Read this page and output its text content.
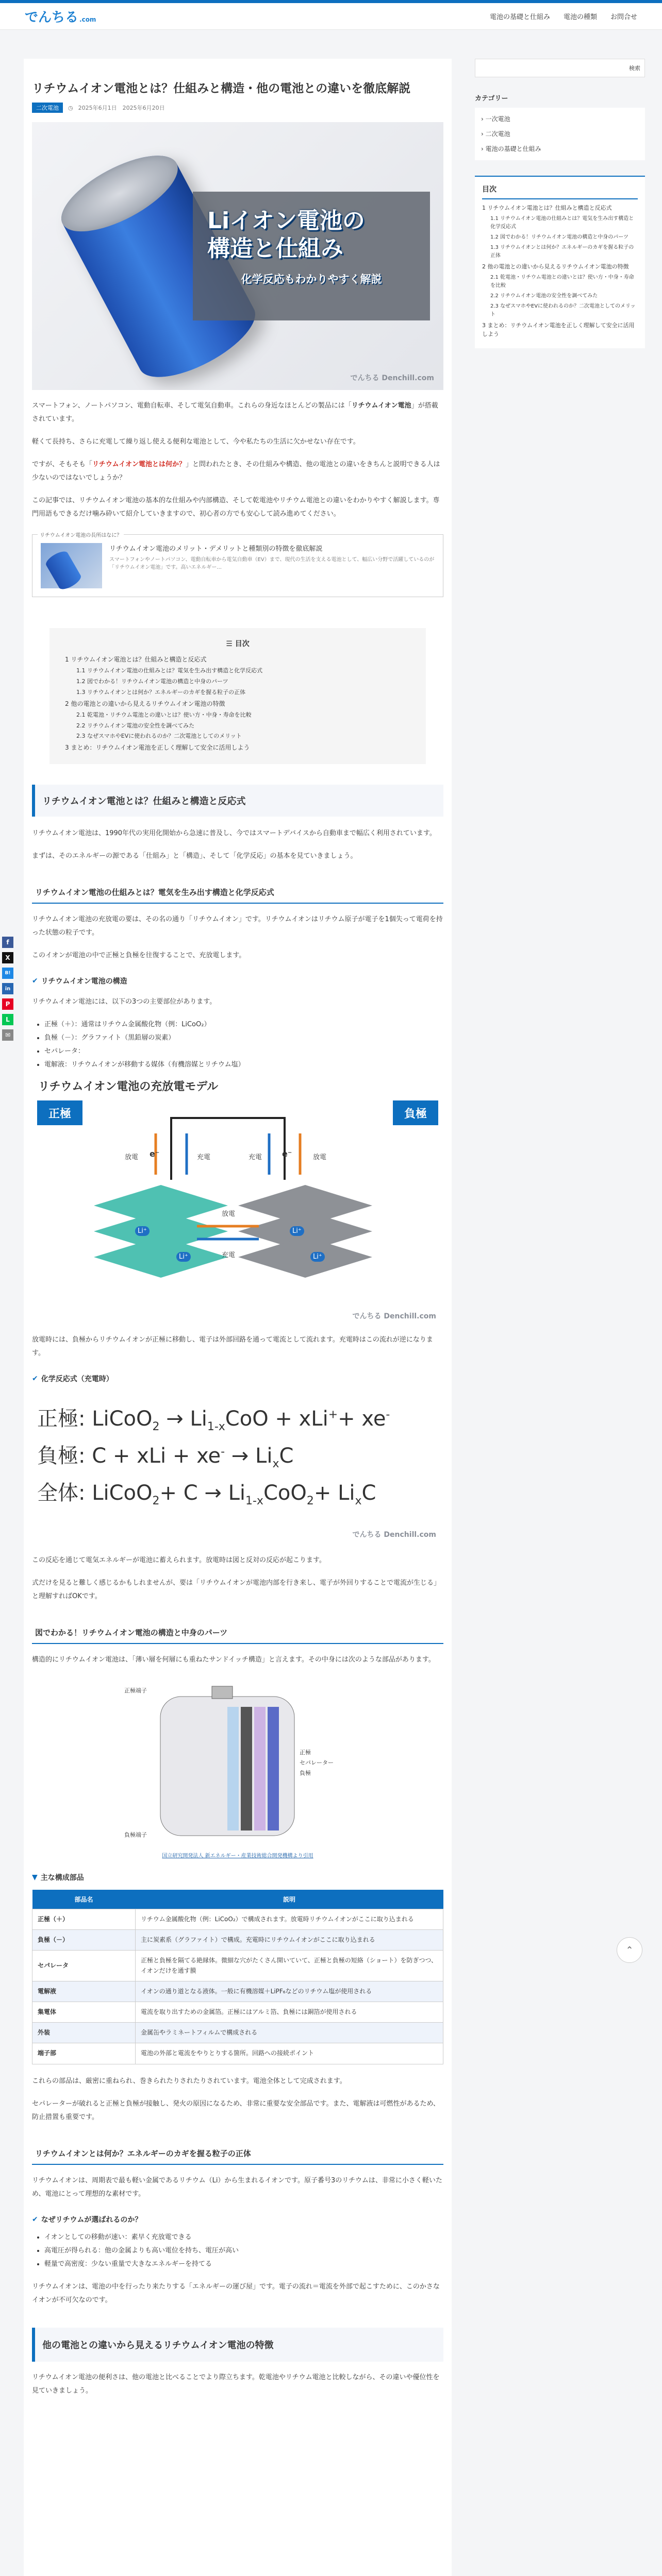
でんちる .com	電池の基礎と仕組み 電池の種類 お問合せ
f
X
B!
in
P
L
✉
リチウムイオン電池とは？仕組みと構造・他の電池との違いを徹底解説
二次電池	◷ 2025年6月1日　2025年6月20日
Liイオン電池の
構造と仕組み
化学反応もわかりやすく解説
でんちる Denchill.com

スマートフォン、ノートパソコン、電動自転車、そして電気自動車。これらの身近なほとんどの製品には「リチウムイオン電池」が搭載されています。

軽くて長持ち、さらに充電して繰り返し使える便利な電池として、今や私たちの生活に欠かせない存在です。

ですが、そもそも「リチウムイオン電池とは何か？」と問われたとき、その仕組みや構造、他の電池との違いをきちんと説明できる人は少ないのではないでしょうか？

この記事では、リチウムイオン電池の基本的な仕組みや内部構造、そして乾電池やリチウム電池との違いをわかりやすく解説します。専門用語もできるだけ噛み砕いて紹介していきますので、初心者の方でも安心して読み進めてください。

リチウムイオン電池の長所はなに？
リチウムイオン電池のメリット・デメリットと種類別の特徴を徹底解説
スマートフォンやノートパソコン、電動自転車から電気自動車（EV）まで、現代の生活を支える電池として、幅広い分野で活躍しているのが「リチウムイオン電池」です。高いエネルギー...
☰ 目次
1 リチウムイオン電池とは？仕組みと構造と反応式
1.1 リチウムイオン電池の仕組みとは？電気を生み出す構造と化学反応式
1.2 図でわかる！リチウムイオン電池の構造と中身のパーツ
1.3 リチウムイオンとは何か？エネルギーのカギを握る粒子の正体
2 他の電池との違いから見えるリチウムイオン電池の特徴
2.1 乾電池・リチウム電池との違いとは？使い方・中身・寿命を比較
2.2 リチウムイオン電池の安全性を調べてみた
2.3 なぜスマホやEVに使われるのか？二次電池としてのメリット
3 まとめ：リチウムイオン電池を正しく理解して安全に活用しよう
リチウムイオン電池とは？仕組みと構造と反応式

リチウムイオン電池は、1990年代の実用化開始から急速に普及し、今ではスマートデバイスから自動車まで幅広く利用されています。

まずは、そのエネルギーの源である「仕組み」と「構造」、そして「化学反応」の基本を見ていきましょう。

リチウムイオン電池の仕組みとは？電気を生み出す構造と化学反応式

リチウムイオン電池の充放電の要は、その名の通り「リチウムイオン」です。リチウムイオンはリチウム原子が電子を1個失って電荷を持った状態の粒子です。

このイオンが電池の中で正極と負極を往復することで、充放電します。

✔ リチウムイオン電池の構造

リチウムイオン電池には、以下の3つの主要部位があります。

• 正極（＋）：通常はリチウム金属酸化物（例：LiCoO₂）
• 負極（－）：グラファイト（黒鉛層の炭素）
• セパレータ：
• 電解液：リチウムイオンが移動する媒体（有機溶媒とリチウム塩）
リチウムイオン電池の充放電モデル
正極	負極
放電 e⁻	充電	充電 e⁻	放電
放電
充電
Li⁺
Li⁺
Li⁺
Li⁺
でんちる Denchill.com

放電時には、負極からリチウムイオンが正極に移動し、電子は外部回路を通って電流として流れます。充電時はこの流れが逆になります。

✔ 化学反応式（充電時）
正極: LiCoO$_2$ → $Li_{1-x}CoO + xLi^++ xe^-$
負極: C + xLi + $xe^- \to Li_xC$
全体: LiCoO$_2$+ $C \to Li_{1-x}CoO_2+ Li_xC$
でんちる Denchill.com

この反応を通じて電気エネルギーが電池に蓄えられます。放電時は図と反対の反応が起こります。

式だけを見ると難しく感じるかもしれませんが、要は「リチウムイオンが電池内部を行き来し、電子が外回りすることで電流が生じる」と理解すればOKです。

図でわかる！リチウムイオン電池の構造と中身のパーツ

構造的にリチウムイオン電池は、「薄い層を何層にも重ねたサンドイッチ構造」と言えます。その中身には次のような部品があります。

正極端子
負極端子
正極
セパレーター
負極
国立研究開発法人 新エネルギー・産業技術総合開発機構より引用
▼ 主な構成部品
部品名	説明
正極（＋）	リチウム金属酸化物（例：LiCoO₂）で構成されます。放電時リチウムイオンがここに取り込まれる
負極（－）	主に炭素系（グラファイト）で構成。充電時にリチウムイオンがここに取り込まれる
セパレータ	正極と負極を隔てる絶縁体。微細な穴がたくさん開いていて、正極と負極の短絡（ショート）を防ぎつつ、イオンだけを通す膜
電解液	イオンの通り道となる液体。一般に有機溶媒＋LiPF₆などのリチウム塩が使用される
集電体	電流を取り出すための金属箔。正極にはアルミ箔、負極には銅箔が使用される
外装	金属缶やラミネートフィルムで構成される
端子部	電池の外部と電流をやりとりする箇所。回路への接続ポイント

これらの部品は、厳密に重ねられ、巻きられたりされたりされています。電池全体として完成されます。

セパレーターが破れると正極と負極が接触し、発火の原因になるため、非常に重要な安全部品です。また、電解液は可燃性があるため、防止措置も重要です。

リチウムイオンとは何か？エネルギーのカギを握る粒子の正体

リチウムイオンは、周期表で最も軽い金属であるリチウム（Li）から生まれるイオンです。原子番号3のリチウムは、非常に小さく軽いため、電池にとって理想的な素材です。

✔ なぜリチウムが選ばれるのか？
• イオンとしての移動が速い：素早く充放電できる
• 高電圧が得られる：他の金属よりも高い電位を持ち、電圧が高い
• 軽量で高密度：少ない重量で大きなエネルギーを持てる

リチウムイオンは、電池の中を行ったり来たりする「エネルギーの運び屋」です。電子の流れ＝電流を外部で起こすために、このかさなイオンが不可欠なのです。

他の電池との違いから見えるリチウムイオン電池の特徴

リチウムイオン電池の便利さは、他の電池と比べることでより際立ちます。乾電池やリチウム電池と比較しながら、その違いや優位性を見ていきましょう。

検索
カテゴリー
› 一次電池
› 二次電池
› 電池の基礎と仕組み
目次
1 リチウムイオン電池とは？仕組みと構造と反応式
1.1 リチウムイオン電池の仕組みとは？電気を生み出す構造と化学反応式
1.2 図でわかる！リチウムイオン電池の構造と中身のパーツ
1.3 リチウムイオンとは何か？エネルギーのカギを握る粒子の正体
2 他の電池との違いから見えるリチウムイオン電池の特徴
2.1 乾電池・リチウム電池との違いとは？使い方・中身・寿命を比較
2.2 リチウムイオン電池の安全性を調べてみた
2.3 なぜスマホやEVに使われるのか？二次電池としてのメリット
3 まとめ：リチウムイオン電池を正しく理解して安全に活用しよう
⌃
